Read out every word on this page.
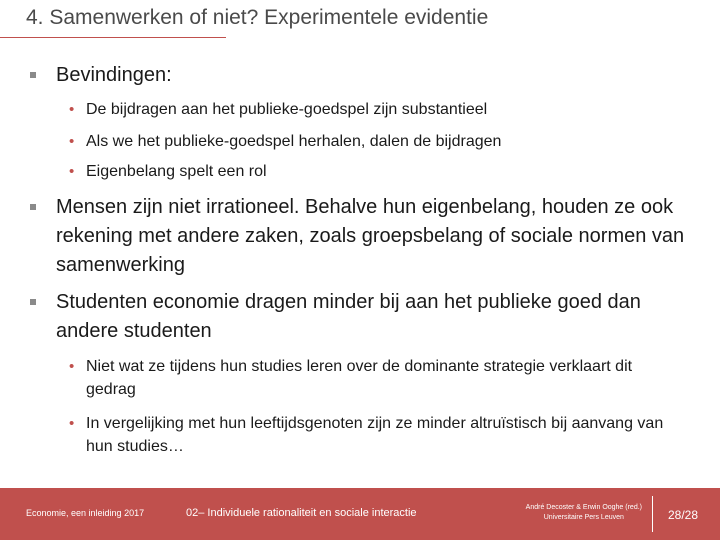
4. Samenwerken of niet? Experimentele evidentie
Bevindingen:
• De bijdragen aan het publieke-goedspel zijn substantieel
• Als we het publieke-goedspel herhalen, dalen de bijdragen
• Eigenbelang spelt een rol
Mensen zijn niet irrationeel. Behalve hun eigenbelang, houden ze ook rekening met andere zaken, zoals groepsbelang of sociale normen van samenwerking
Studenten economie dragen minder bij aan het publieke goed dan andere studenten
• Niet wat ze tijdens hun studies leren over de dominante strategie verklaart dit gedrag
• In vergelijking met hun leeftijdsgenoten zijn ze minder altruïstisch bij aanvang van hun studies…
Economie, een inleiding 2017	02– Individuele rationaliteit en sociale interactie	André Decoster & Erwin Ooghe (red.)
Universitaire Pers Leuven	28/28
